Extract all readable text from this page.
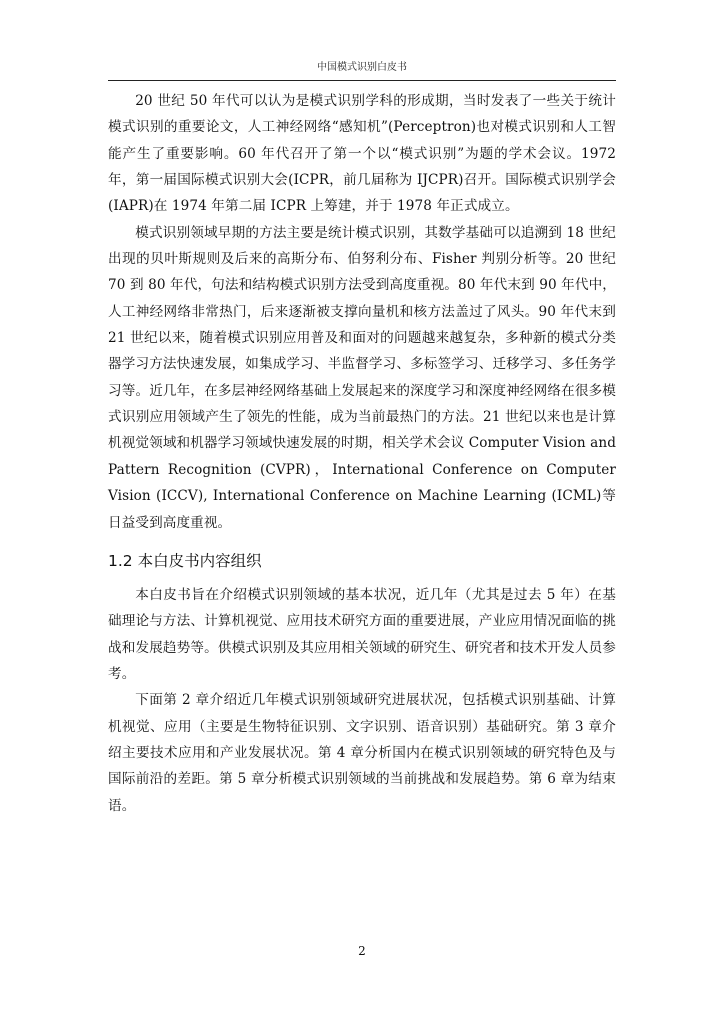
中国模式识别白皮书

20 世纪 50 年代可以认为是模式识别学科的形成期，当时发表了一些关于统计模式识别的重要论文，人工神经网络“感知机”(Perceptron)也对模式识别和人工智能产生了重要影响。60 年代召开了第一个以“模式识别”为题的学术会议。1972 年，第一届国际模式识别大会(ICPR，前几届称为 IJCPR)召开。国际模式识别学会(IAPR)在 1974 年第二届 ICPR 上筹建，并于 1978 年正式成立。

模式识别领域早期的方法主要是统计模式识别，其数学基础可以追溯到 18 世纪出现的贝叶斯规则及后来的高斯分布、伯努利分布、Fisher 判别分析等。20 世纪 70 到 80 年代，句法和结构模式识别方法受到高度重视。80 年代末到 90 年代中，人工神经网络非常热门，后来逐渐被支撑向量机和核方法盖过了风头。90 年代末到 21 世纪以来，随着模式识别应用普及和面对的问题越来越复杂，多种新的模式分类器学习方法快速发展，如集成学习、半监督学习、多标签学习、迁移学习、多任务学习等。近几年，在多层神经网络基础上发展起来的深度学习和深度神经网络在很多模式识别应用领域产生了领先的性能，成为当前最热门的方法。21 世纪以来也是计算机视觉领域和机器学习领域快速发展的时期，相关学术会议 Computer Vision and Pattern Recognition (CVPR)，International Conference on Computer Vision (ICCV), International Conference on Machine Learning (ICML)等日益受到高度重视。

1.2 本白皮书内容组织

本白皮书旨在介绍模式识别领域的基本状况，近几年（尤其是过去 5 年）在基础理论与方法、计算机视觉、应用技术研究方面的重要进展，产业应用情况面临的挑战和发展趋势等。供模式识别及其应用相关领域的研究生、研究者和技术开发人员参考。

下面第 2 章介绍近几年模式识别领域研究进展状况，包括模式识别基础、计算机视觉、应用（主要是生物特征识别、文字识别、语音识别）基础研究。第 3 章介绍主要技术应用和产业发展状况。第 4 章分析国内在模式识别领域的研究特色及与国际前沿的差距。第 5 章分析模式识别领域的当前挑战和发展趋势。第 6 章为结束语。

2
